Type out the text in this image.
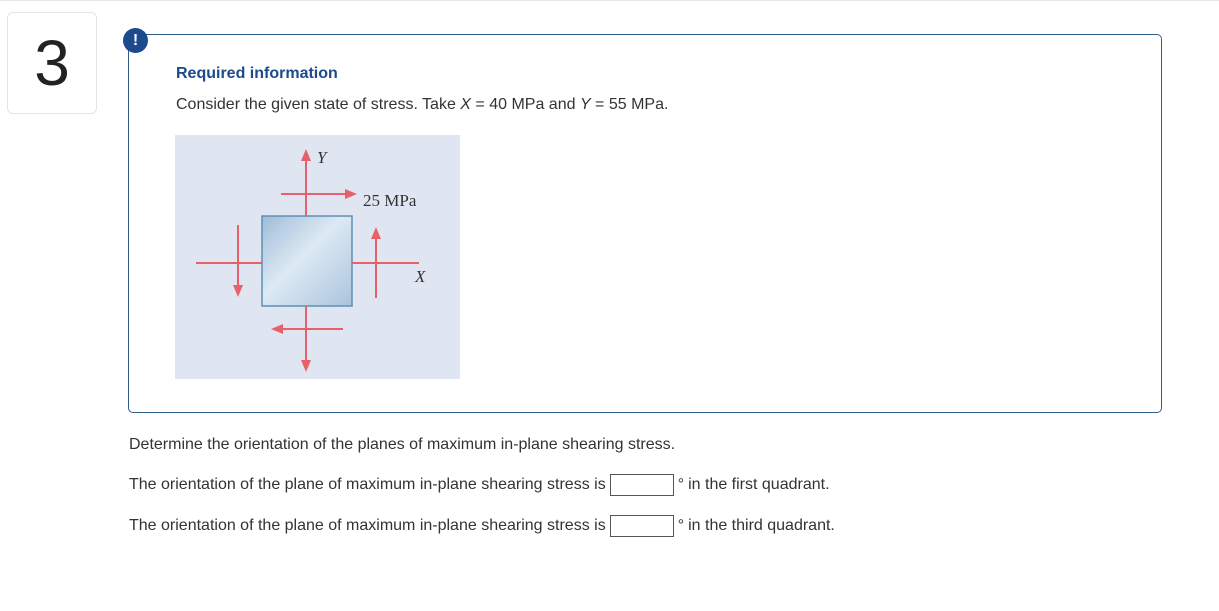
3	!
Required information
Consider the given state of stress. Take X = 40 MPa and Y = 55 MPa.
Y
X
25 MPa
Determine the orientation of the planes of maximum in-plane shearing stress.
The orientation of the plane of maximum in-plane shearing stress is	° in the first quadrant.
The orientation of the plane of maximum in-plane shearing stress is	° in the third quadrant.
